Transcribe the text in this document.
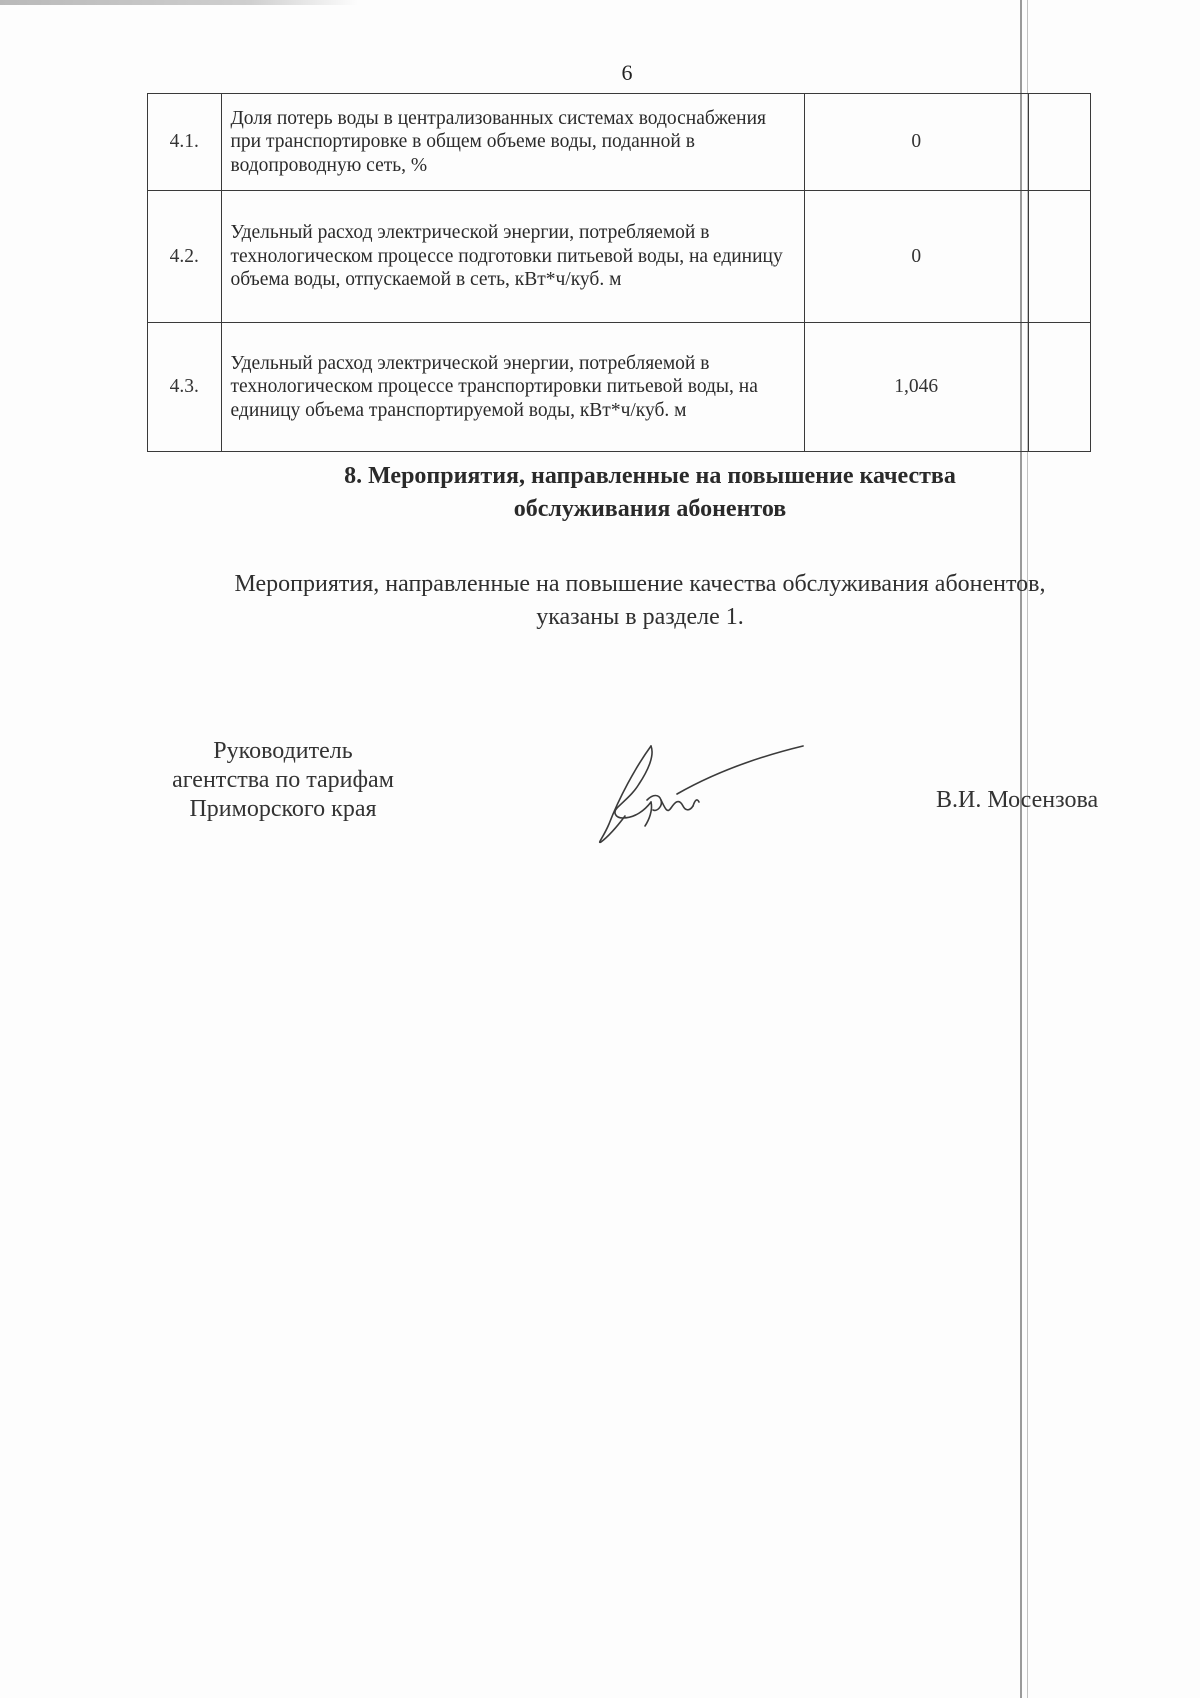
6
4.1.	Доля потерь воды в централизованных системах водоснабжения при транспортировке в общем объеме воды, поданной в водопроводную сеть, %	0	
4.2.	Удельный расход электрической энергии, потребляемой в технологическом процессе подготовки питьевой воды, на единицу объема воды, отпускаемой в сеть, кВт*ч/куб. м	0	
4.3.	Удельный расход электрической энергии, потребляемой в технологическом процессе транспортировки питьевой воды, на единицу объема транспортируемой воды, кВт*ч/куб. м	1,046	
8. Мероприятия, направленные на повышение качества
обслуживания абонентов
Мероприятия, направленные на повышение качества обслуживания абонентов,
указаны в разделе 1.
Руководитель
агентства по тарифам
Приморского края	В.И. Мосензова
